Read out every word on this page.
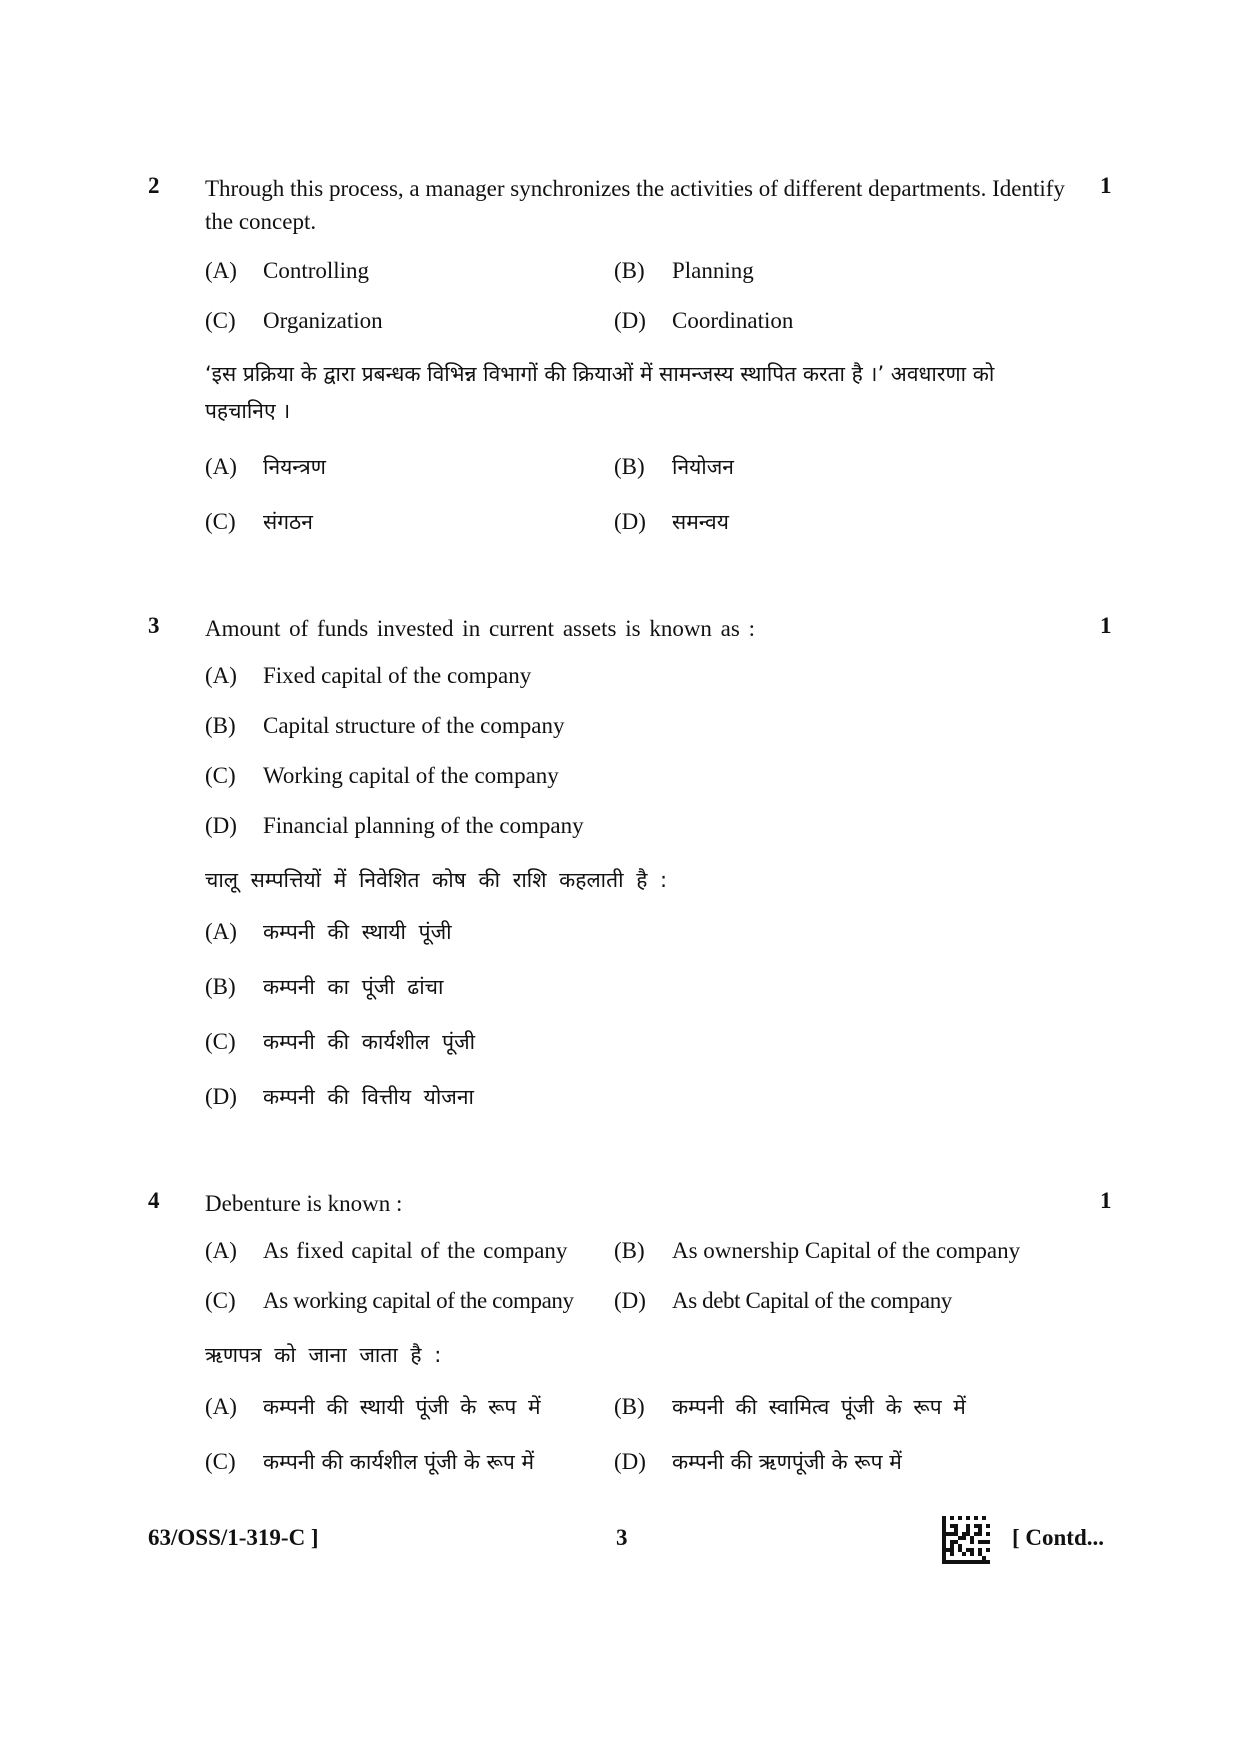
2	1
Through this process, a manager synchronizes the activities of different departments. Identify the concept.
(A) Controlling	(B) Planning
(C) Organization	(D) Coordination
‘इस प्रक्रिया के द्वारा प्रबन्धक विभिन्न विभागों की क्रियाओं में सामन्जस्य स्थापित करता है ।’ अवधारणा को पहचानिए ।
(A) नियन्त्रण	(B) नियोजन
(C) संगठन	(D) समन्वय
3	1
Amount of funds invested in current assets is known as :
(A) Fixed capital of the company
(B) Capital structure of the company
(C) Working capital of the company
(D) Financial planning of the company
चालू सम्पत्तियों में निवेशित कोष की राशि कहलाती है :
(A) कम्पनी की स्थायी पूंजी
(B) कम्पनी का पूंजी ढांचा
(C) कम्पनी की कार्यशील पूंजी
(D) कम्पनी की वित्तीय योजना
4	1
Debenture is known :
(A) As fixed capital of the company (B) As ownership Capital of the company
(C) As working capital of the company (D) As debt Capital of the company
ऋणपत्र को जाना जाता है :
(A) कम्पनी की स्थायी पूंजी के रूप में	(B) कम्पनी की स्वामित्व पूंजी के रूप में
(C) कम्पनी की कार्यशील पूंजी के रूप में	(D) कम्पनी की ऋणपूंजी के रूप में
63/OSS/1-319-C ]	3	[ Contd...
